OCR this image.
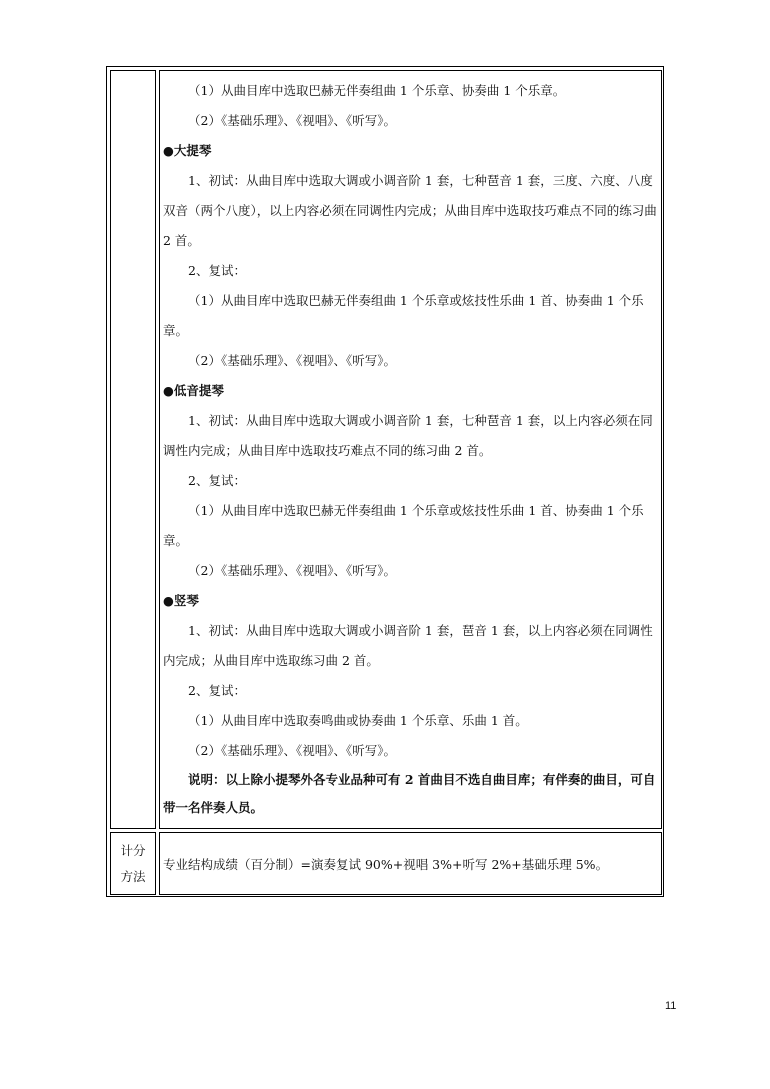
（1）从曲目库中选取巴赫无伴奏组曲 1 个乐章、协奏曲 1 个乐章。

（2）《基础乐理》、《视唱》、《听写》。

●大提琴

1、初试：从曲目库中选取大调或小调音阶 1 套，七种琶音 1 套，三度、六度、八度双音（两个八度），以上内容必须在同调性内完成；从曲目库中选取技巧难点不同的练习曲 2 首。

2、复试：

（1）从曲目库中选取巴赫无伴奏组曲 1 个乐章或炫技性乐曲 1 首、协奏曲 1 个乐章。

（2）《基础乐理》、《视唱》、《听写》。

●低音提琴

1、初试：从曲目库中选取大调或小调音阶 1 套，七种琶音 1 套，以上内容必须在同调性内完成；从曲目库中选取技巧难点不同的练习曲 2 首。

2、复试：

（1）从曲目库中选取巴赫无伴奏组曲 1 个乐章或炫技性乐曲 1 首、协奏曲 1 个乐章。

（2）《基础乐理》、《视唱》、《听写》。

●竖琴

1、初试：从曲目库中选取大调或小调音阶 1 套，琶音 1 套，以上内容必须在同调性内完成；从曲目库中选取练习曲 2 首。

2、复试：

（1）从曲目库中选取奏鸣曲或协奏曲 1 个乐章、乐曲 1 首。

（2）《基础乐理》、《视唱》、《听写》。

说明：以上除小提琴外各专业品种可有 2 首曲目不选自曲目库；有伴奏的曲目，可自带一名伴奏人员。

计分
方法
专业结构成绩（百分制）=演奏复试 90%+视唱 3%+听写 2%+基础乐理 5%。
11
